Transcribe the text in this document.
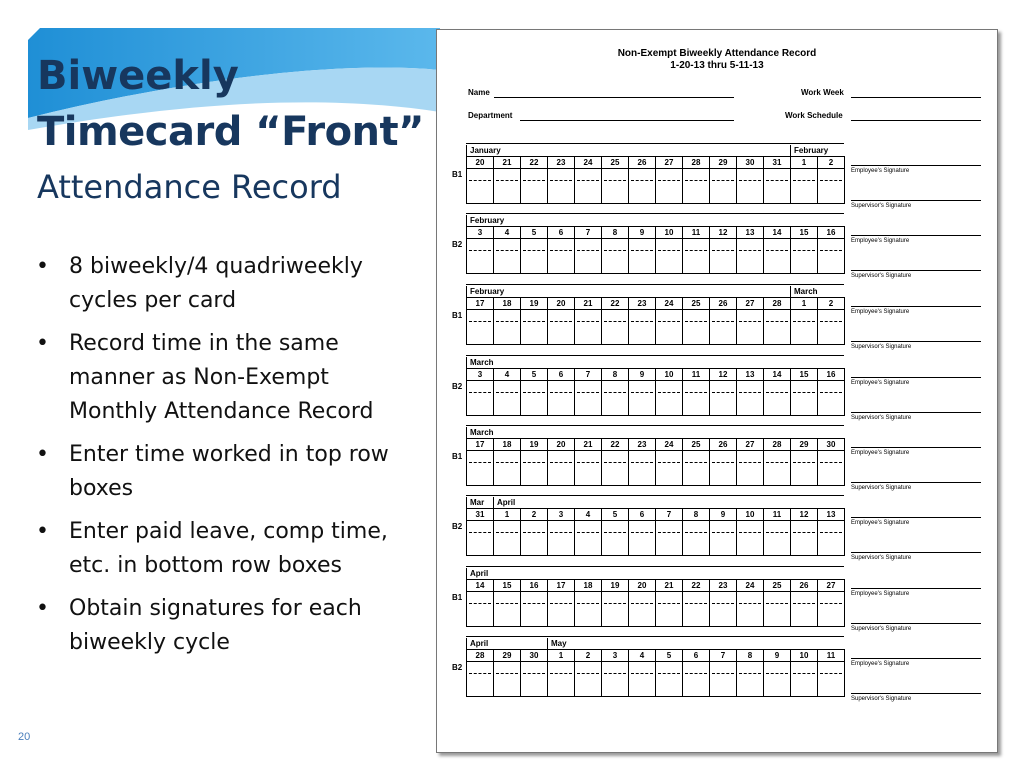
Biweekly
Timecard “Front”
Attendance Record
• 8 biweekly/4 quadriweekly cycles per card
• Record time in the same manner as Non-Exempt Monthly Attendance Record
• Enter time worked in top row boxes
• Enter paid leave, comp time, etc. in bottom row boxes
• Obtain signatures for each biweekly cycle
20
Non-Exempt Biweekly Attendance Record
1-20-13 thru 5-11-13
Name	Work Week
Department	Work Schedule
B1
January	February
20	21	22	23	24	25	26	27	28	29	30	31	1	2
B2
February
3	4	5	6	7	8	9	10	11	12	13	14	15	16
B1
February	March
17	18	19	20	21	22	23	24	25	26	27	28	1	2
B2
March
3	4	5	6	7	8	9	10	11	12	13	14	15	16
B1
March
17	18	19	20	21	22	23	24	25	26	27	28	29	30
B2
Mar	April
31	1	2	3	4	5	6	7	8	9	10	11	12	13
B1
April
14	15	16	17	18	19	20	21	22	23	24	25	26	27
B2
April	May
28	29	30	1	2	3	4	5	6	7	8	9	10	11
Employee's Signature
Supervisor's Signature
Employee's Signature
Supervisor's Signature
Employee's Signature
Supervisor's Signature
Employee's Signature
Supervisor's Signature
Employee's Signature
Supervisor's Signature
Employee's Signature
Supervisor's Signature
Employee's Signature
Supervisor's Signature
Employee's Signature
Supervisor's Signature
